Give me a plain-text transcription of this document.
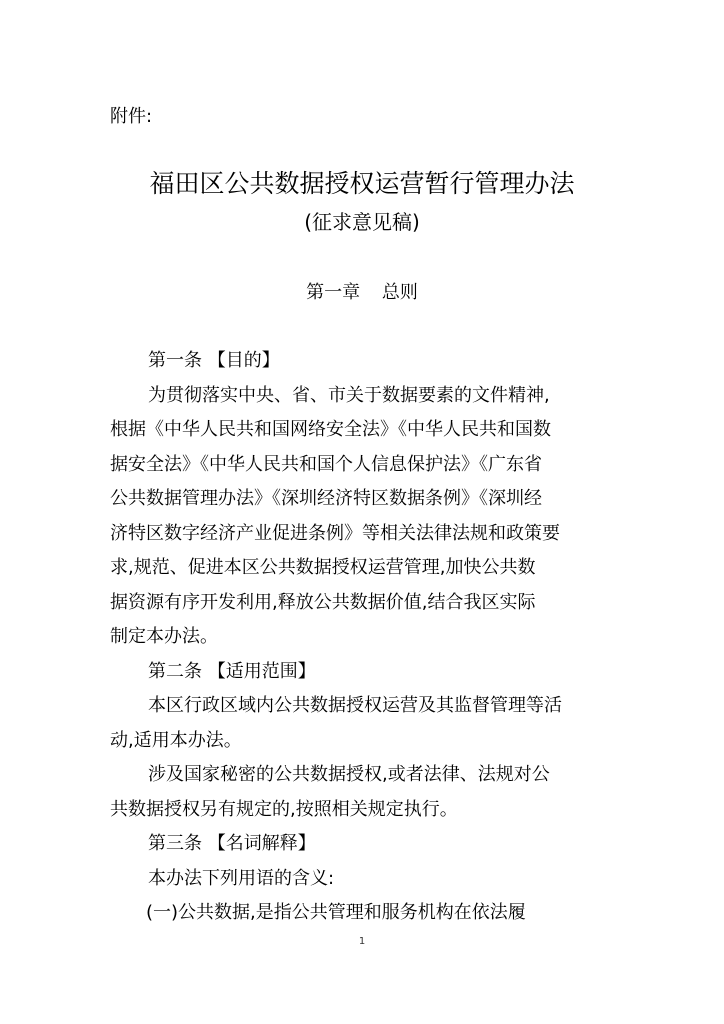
附件:
福田区公共数据授权运营暂行管理办法
(征求意见稿)
第一章 总则
第一条 【目的】
为贯彻落实中央、省、市关于数据要素的文件精神,
根据《中华人民共和国网络安全法》《中华人民共和国数
据安全法》《中华人民共和国个人信息保护法》《广东省
公共数据管理办法》《深圳经济特区数据条例》《深圳经
济特区数字经济产业促进条例》等相关法律法规和政策要
求,规范、促进本区公共数据授权运营管理,加快公共数
据资源有序开发利用,释放公共数据价值,结合我区实际
制定本办法。
第二条 【适用范围】
本区行政区域内公共数据授权运营及其监督管理等活
动,适用本办法。
涉及国家秘密的公共数据授权,或者法律、法规对公
共数据授权另有规定的,按照相关规定执行。
第三条 【名词解释】
本办法下列用语的含义:
(一)公共数据,是指公共管理和服务机构在依法履
1
